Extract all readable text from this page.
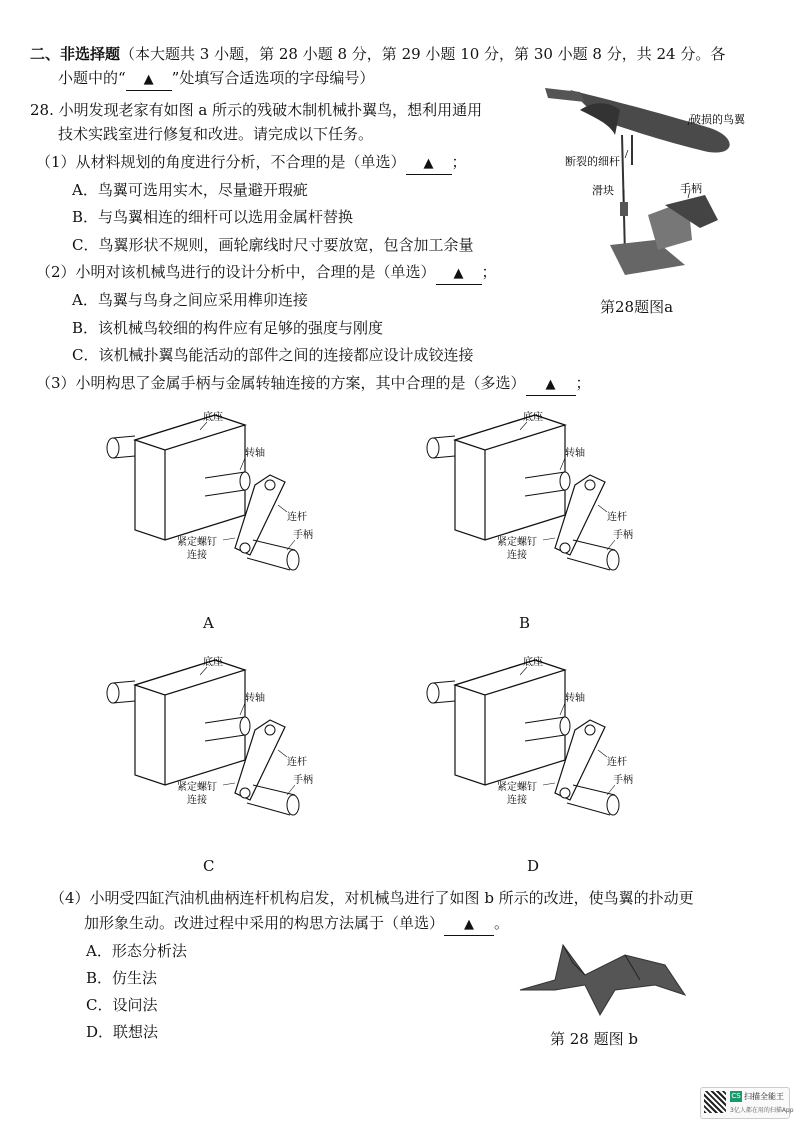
二、非选择题（本大题共 3 小题，第 28 小题 8 分，第 29 小题 10 分，第 30 小题 8 分，共 24 分。各
小题中的“ ▲ ”处填写合适选项的字母编号）
28. 小明发现老家有如图 a 所示的残破木制机械扑翼鸟，想利用通用
技术实践室进行修复和改进。请完成以下任务。
（1）从材料规划的角度进行分析，不合理的是（单选） ▲ ；
A．鸟翼可选用实木，尽量避开瑕疵
B．与鸟翼相连的细杆可以选用金属杆替换
C．鸟翼形状不规则，画轮廓线时尺寸要放宽，包含加工余量
（2）小明对该机械鸟进行的设计分析中，合理的是（单选） ▲ ；
A．鸟翼与鸟身之间应采用榫卯连接
B．该机械鸟较细的构件应有足够的强度与刚度
C．该机械扑翼鸟能活动的部件之间的连接都应设计成铰连接
（3）小明构思了金属手柄与金属转轴连接的方案，其中合理的是（多选） ▲ ；
破损的鸟翼
断裂的细杆
滑块	手柄
第28题图a
底座
转轴
连杆
紧定螺钉
连接
手柄
A
底座
转轴
连杆
紧定螺钉
连接
手柄
B
底座
转轴
连杆
紧定螺钉
连接
手柄
C
底座
转轴
连杆
紧定螺钉
连接
手柄
D
（4）小明受四缸汽油机曲柄连杆机构启发，对机械鸟进行了如图 b 所示的改进，使鸟翼的扑动更
加形象生动。改进过程中采用的构思方法属于（单选） ▲ 。
A．形态分析法
B．仿生法
C．设问法
D．联想法	第 28 题图 b
CS 扫描全能王
3亿人都在用的扫描App
